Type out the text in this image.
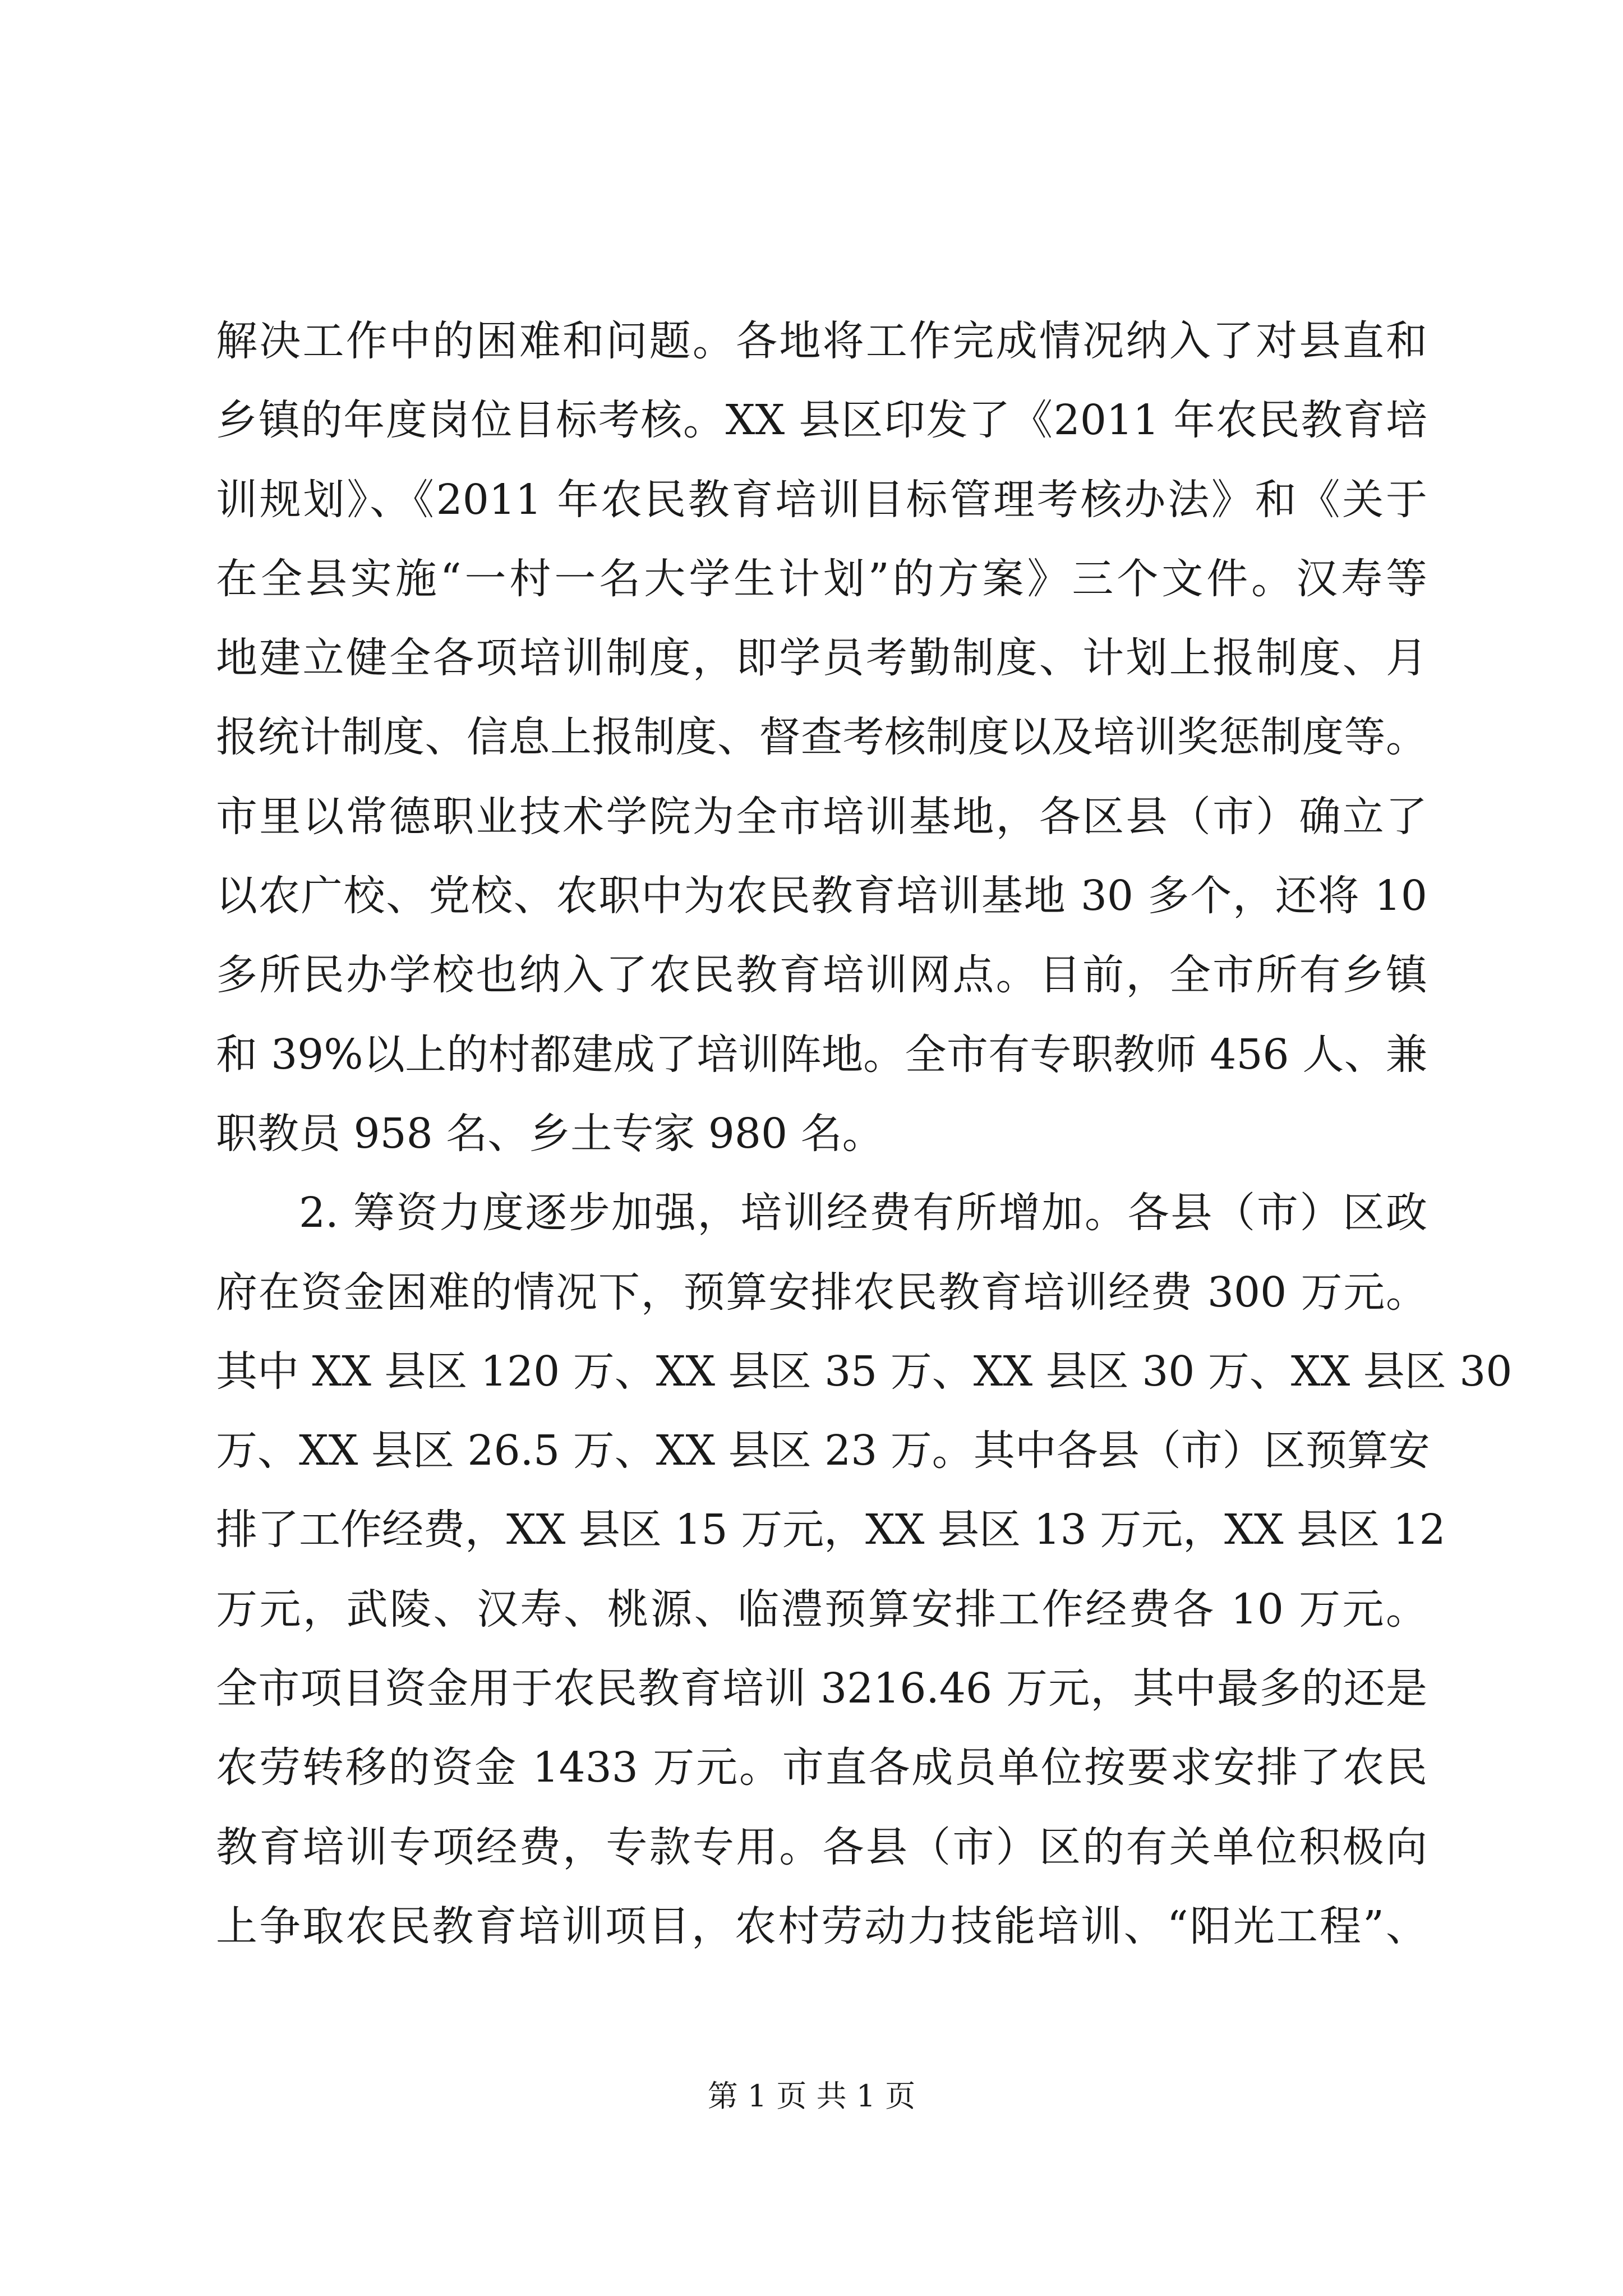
解决工作中的困难和问题。各地将工作完成情况纳入了对县直和
乡镇的年度岗位目标考核。XX 县区印发了《2011 年农民教育培
训规划》、《2011 年农民教育培训目标管理考核办法》和《关于
在全县实施“一村一名大学生计划”的方案》三个文件。汉寿等
地建立健全各项培训制度，即学员考勤制度、计划上报制度、月
报统计制度、信息上报制度、督查考核制度以及培训奖惩制度等。
市里以常德职业技术学院为全市培训基地，各区县（市）确立了
以农广校、党校、农职中为农民教育培训基地 30 多个，还将 10
多所民办学校也纳入了农民教育培训网点。目前，全市所有乡镇
和 39%以上的村都建成了培训阵地。全市有专职教师 456 人、兼
职教员 958 名、乡土专家 980 名。
2. 筹资力度逐步加强，培训经费有所增加。各县（市）区政
府在资金困难的情况下，预算安排农民教育培训经费 300 万元。
其中 XX 县区 120 万、XX 县区 35 万、XX 县区 30 万、XX 县区 30
万、XX 县区 26.5 万、XX 县区 23 万。其中各县（市）区预算安
排了工作经费，XX 县区 15 万元，XX 县区 13 万元，XX 县区 12
万元，武陵、汉寿、桃源、临澧预算安排工作经费各 10 万元。
全市项目资金用于农民教育培训 3216.46 万元，其中最多的还是
农劳转移的资金 1433 万元。市直各成员单位按要求安排了农民
教育培训专项经费，专款专用。各县（市）区的有关单位积极向
上争取农民教育培训项目，农村劳动力技能培训、“阳光工程”、
第 1 页 共 1 页
